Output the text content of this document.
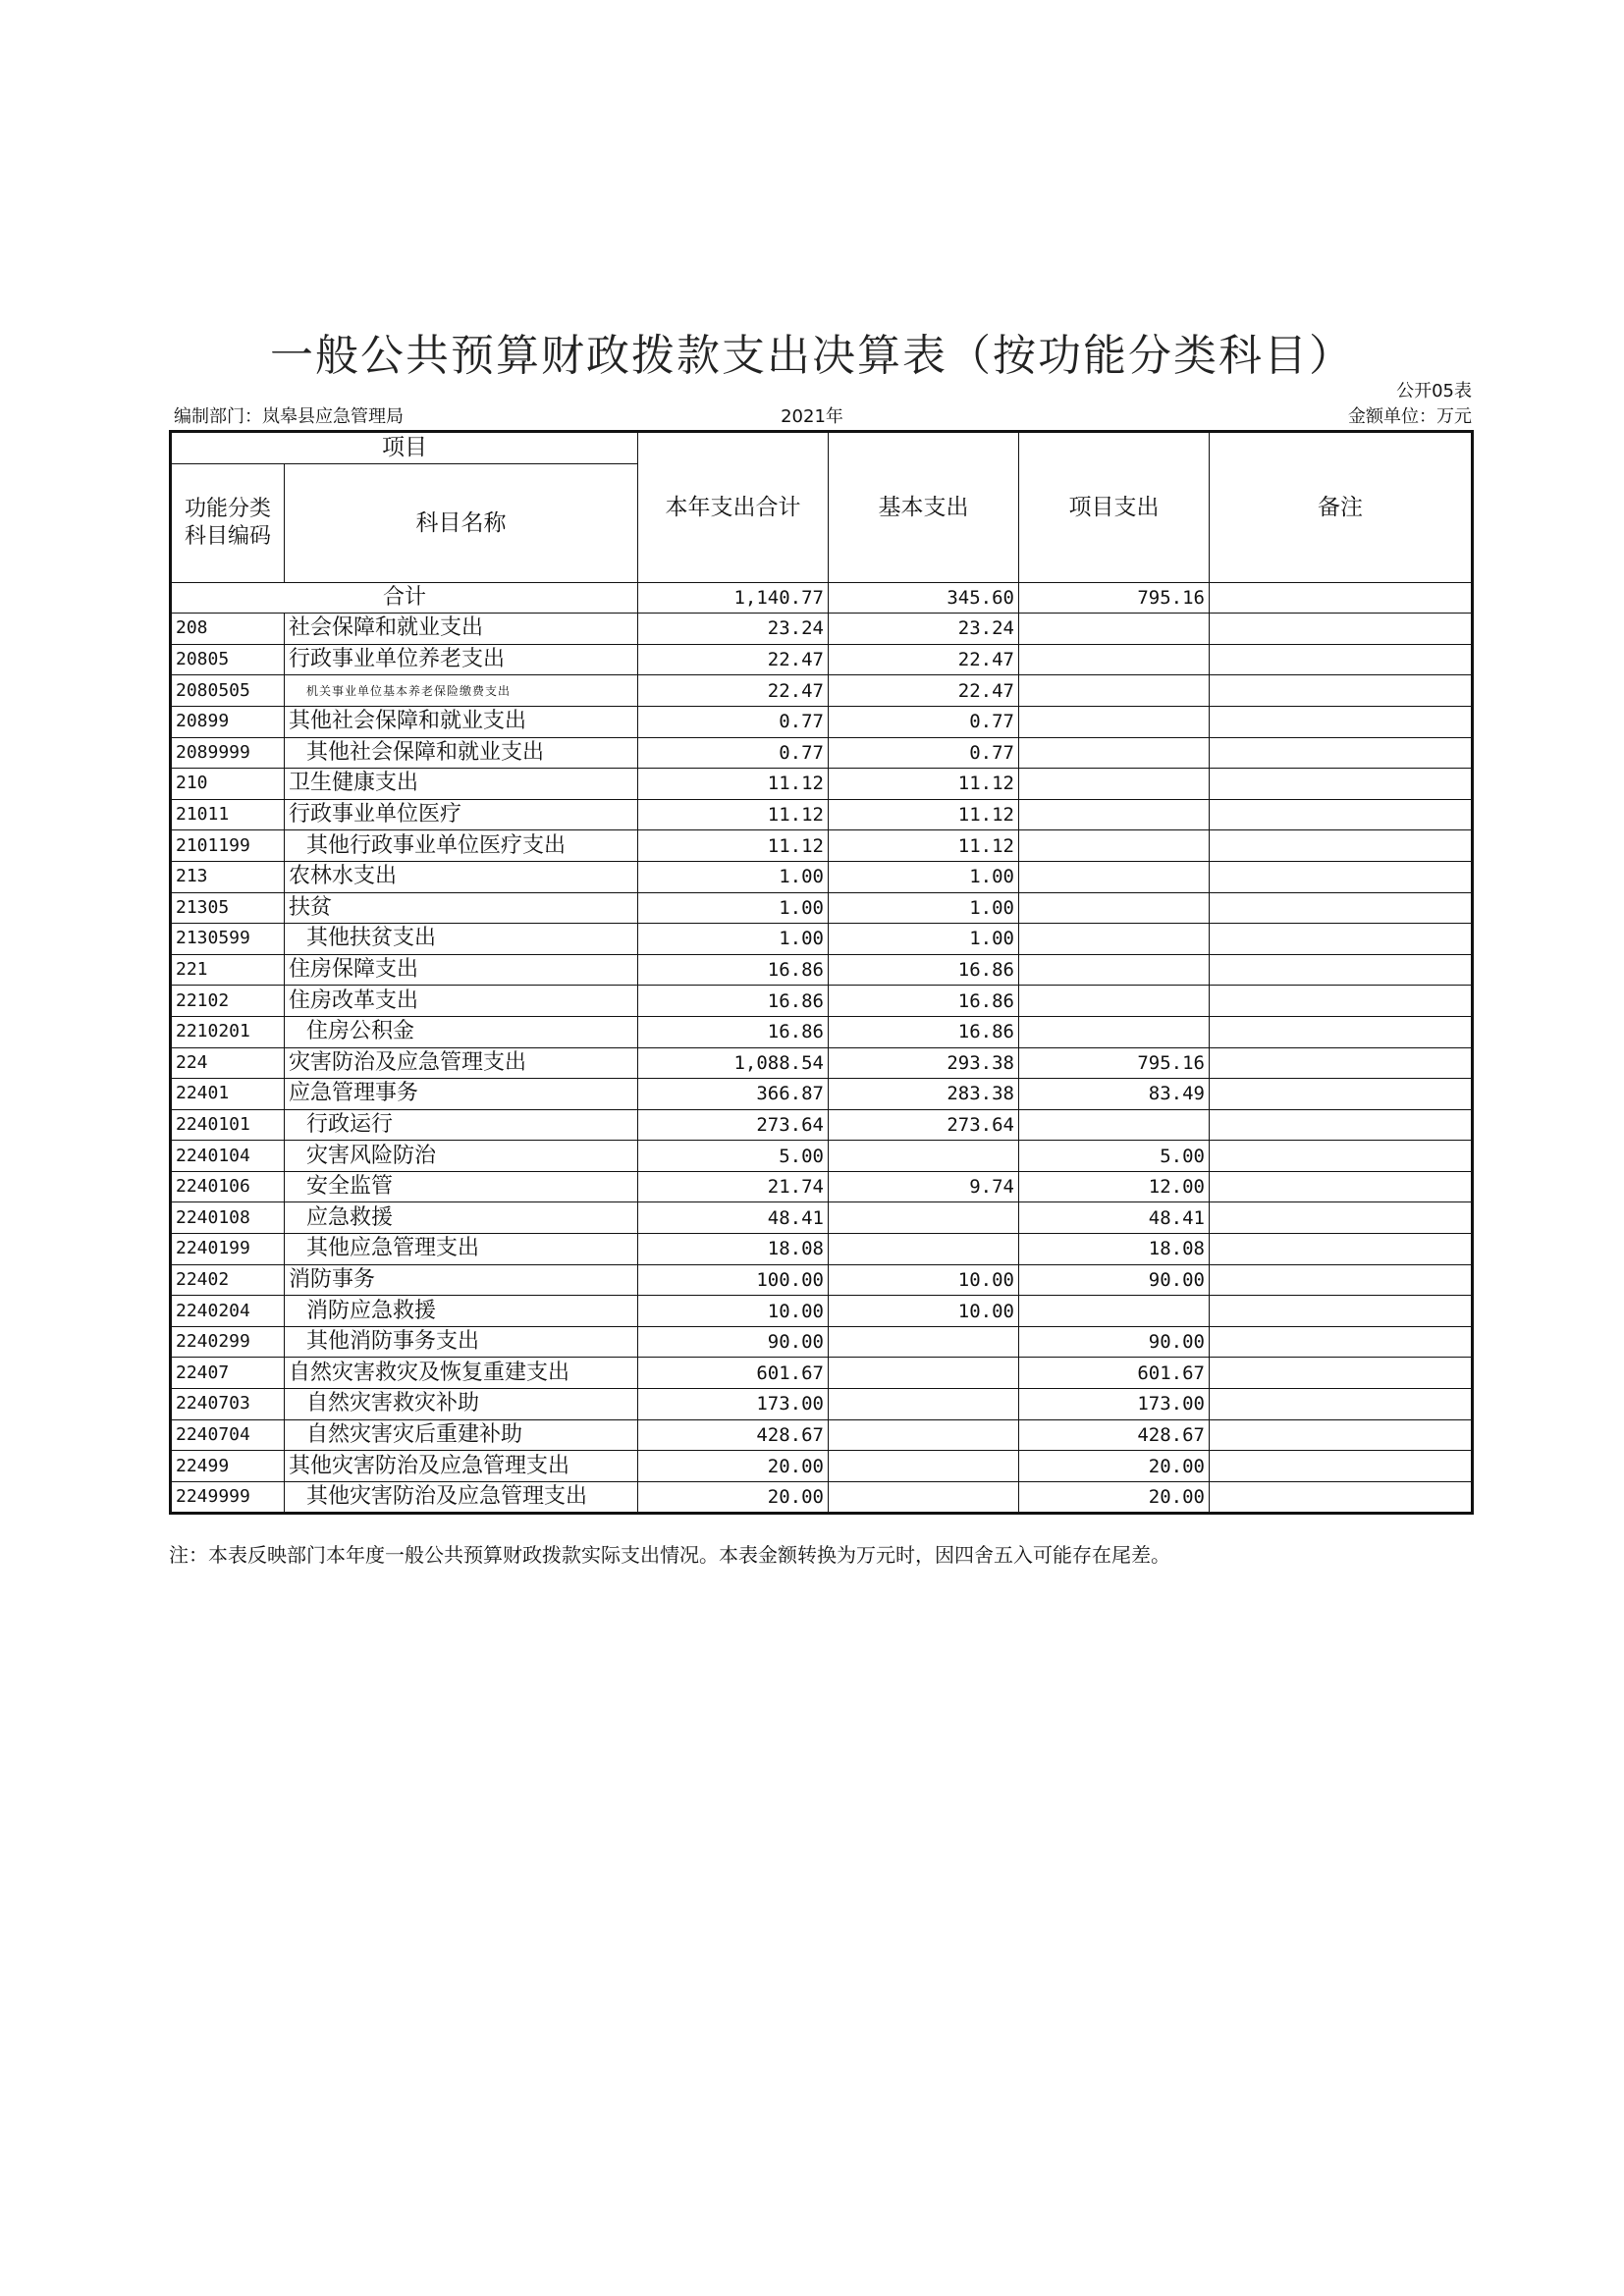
一般公共预算财政拨款支出决算表（按功能分类科目）
公开05表
编制部门：岚皋县应急管理局	2021年	金额单位：万元
项目		本年支出合计	基本支出	项目支出	备注
功能分类科目编码	科目名称				
合计		1,140.77	345.60	795.16	
208	社会保障和就业支出	23.24	23.24		
20805	行政事业单位养老支出	22.47	22.47		
2080505	机关事业单位基本养老保险缴费支出	22.47	22.47		
20899	其他社会保障和就业支出	0.77	0.77		
2089999	其他社会保障和就业支出	0.77	0.77		
210	卫生健康支出	11.12	11.12		
21011	行政事业单位医疗	11.12	11.12		
2101199	其他行政事业单位医疗支出	11.12	11.12		
213	农林水支出	1.00	1.00		
21305	扶贫	1.00	1.00		
2130599	其他扶贫支出	1.00	1.00		
221	住房保障支出	16.86	16.86		
22102	住房改革支出	16.86	16.86		
2210201	住房公积金	16.86	16.86		
224	灾害防治及应急管理支出	1,088.54	293.38	795.16	
22401	应急管理事务	366.87	283.38	83.49	
2240101	行政运行	273.64	273.64		
2240104	灾害风险防治	5.00		5.00	
2240106	安全监管	21.74	9.74	12.00	
2240108	应急救援	48.41		48.41	
2240199	其他应急管理支出	18.08		18.08	
22402	消防事务	100.00	10.00	90.00	
2240204	消防应急救援	10.00	10.00		
2240299	其他消防事务支出	90.00		90.00	
22407	自然灾害救灾及恢复重建支出	601.67		601.67	
2240703	自然灾害救灾补助	173.00		173.00	
2240704	自然灾害灾后重建补助	428.67		428.67	
22499	其他灾害防治及应急管理支出	20.00		20.00	
2249999	其他灾害防治及应急管理支出	20.00		20.00	
注：本表反映部门本年度一般公共预算财政拨款实际支出情况。本表金额转换为万元时，因四舍五入可能存在尾差。
